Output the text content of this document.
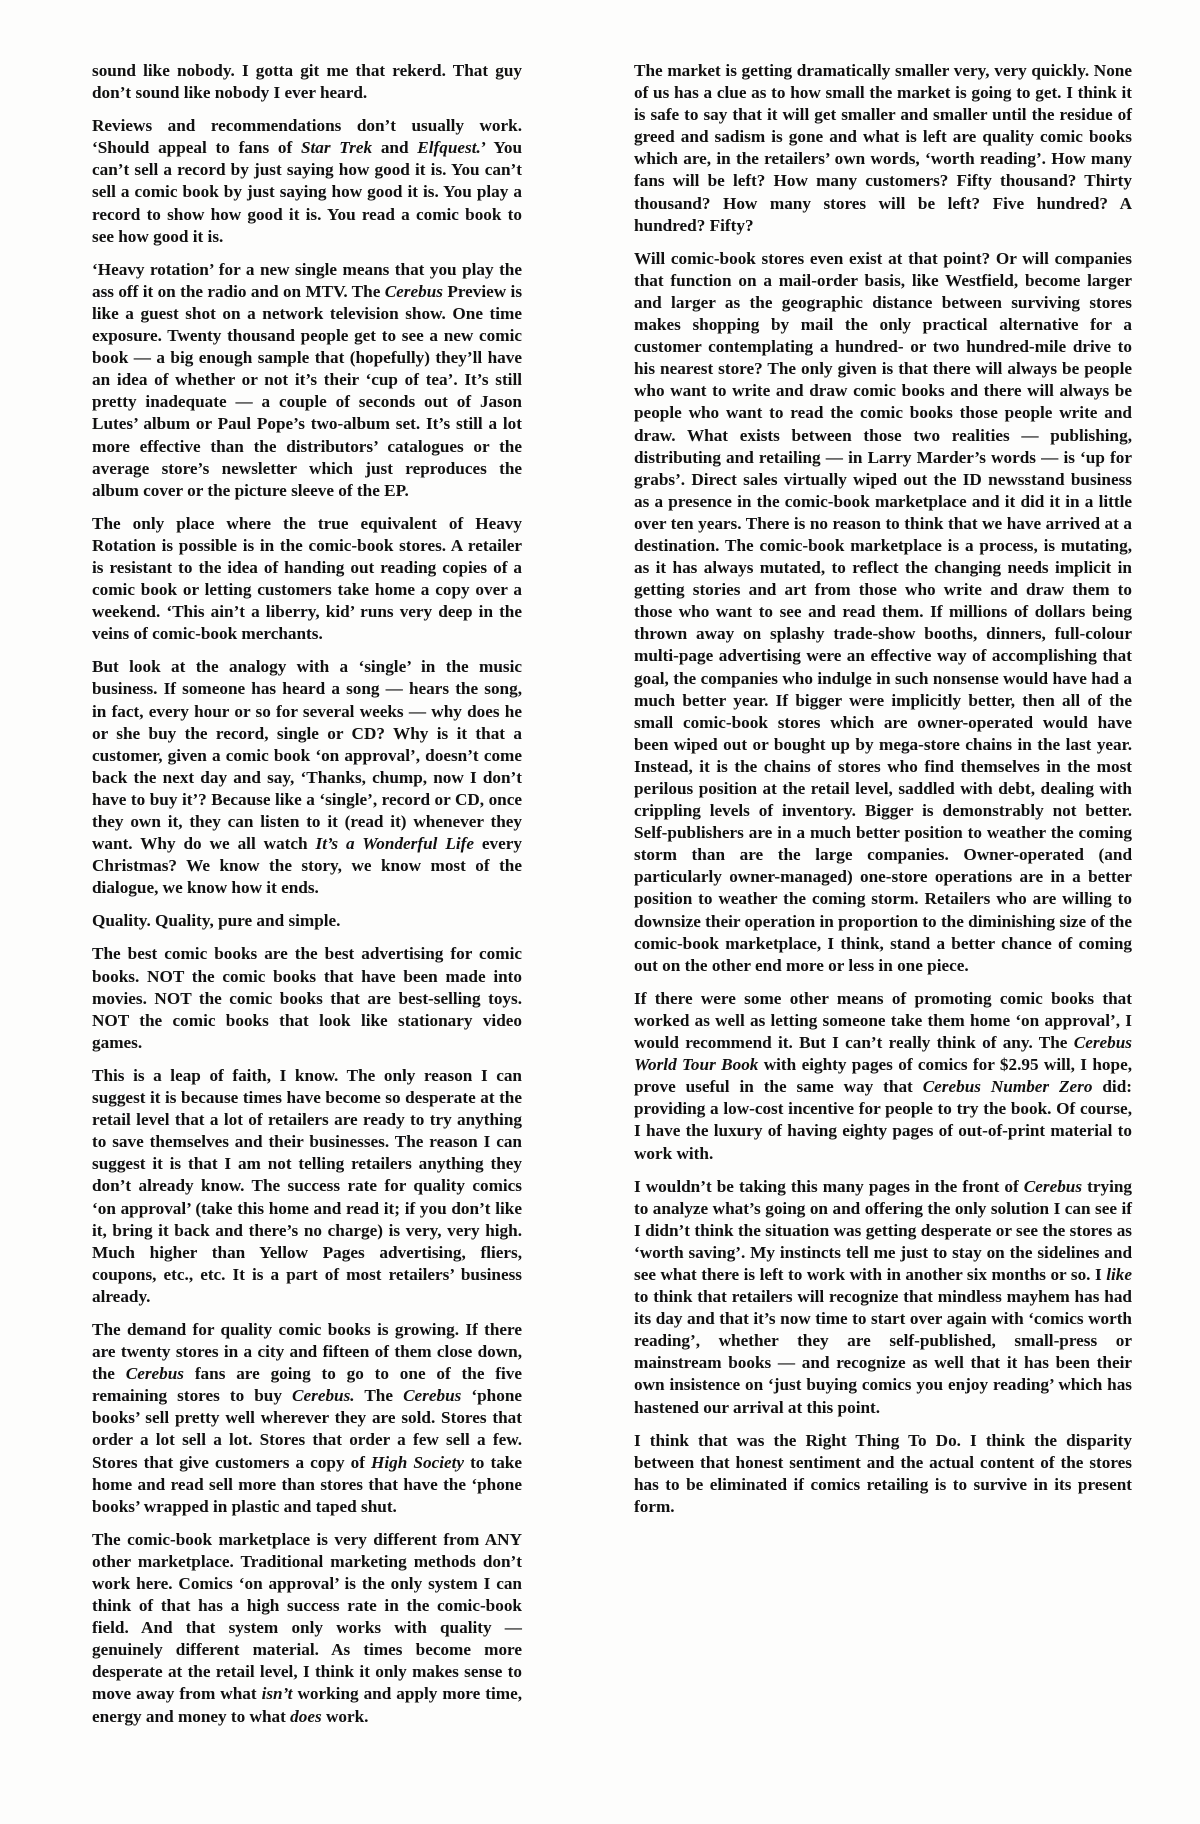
sound like nobody. I gotta git me that rekerd. That guy don’t sound like nobody I ever heard.

Reviews and recommendations don’t usually work. ‘Should appeal to fans of Star Trek and Elfquest.’ You can’t sell a record by just saying how good it is. You can’t sell a comic book by just saying how good it is. You play a record to show how good it is. You read a comic book to see how good it is.

‘Heavy rotation’ for a new single means that you play the ass off it on the radio and on MTV. The Cerebus Preview is like a guest shot on a network television show. One time exposure. Twenty thousand people get to see a new comic book — a big enough sample that (hopefully) they’ll have an idea of whether or not it’s their ‘cup of tea’. It’s still pretty inadequate — a couple of seconds out of Jason Lutes’ album or Paul Pope’s two-album set. It’s still a lot more effective than the distributors’ catalogues or the average store’s newsletter which just reproduces the album cover or the picture sleeve of the EP.

The only place where the true equivalent of Heavy Rotation is possible is in the comic-book stores. A retailer is resistant to the idea of handing out reading copies of a comic book or letting customers take home a copy over a weekend. ‘This ain’t a liberry, kid’ runs very deep in the veins of comic-book merchants.

But look at the analogy with a ‘single’ in the music business. If someone has heard a song — hears the song, in fact, every hour or so for several weeks — why does he or she buy the record, single or CD? Why is it that a customer, given a comic book ‘on approval’, doesn’t come back the next day and say, ‘Thanks, chump, now I don’t have to buy it’? Because like a ‘single’, record or CD, once they own it, they can listen to it (read it) whenever they want. Why do we all watch It’s a Wonderful Life every Christmas? We know the story, we know most of the dialogue, we know how it ends.

Quality. Quality, pure and simple.

The best comic books are the best advertising for comic books. NOT the comic books that have been made into movies. NOT the comic books that are best-selling toys. NOT the comic books that look like stationary video games.

This is a leap of faith, I know. The only reason I can suggest it is because times have become so desperate at the retail level that a lot of retailers are ready to try anything to save themselves and their businesses. The reason I can suggest it is that I am not telling retailers anything they don’t already know. The success rate for quality comics ‘on approval’ (take this home and read it; if you don’t like it, bring it back and there’s no charge) is very, very high. Much higher than Yellow Pages advertising, fliers, coupons, etc., etc. It is a part of most retailers’ business already.

The demand for quality comic books is growing. If there are twenty stores in a city and fifteen of them close down, the Cerebus fans are going to go to one of the five remaining stores to buy Cerebus. The Cerebus ‘phone books’ sell pretty well wherever they are sold. Stores that order a lot sell a lot. Stores that order a few sell a few. Stores that give customers a copy of High Society to take home and read sell more than stores that have the ‘phone books’ wrapped in plastic and taped shut.

The comic-book marketplace is very different from ANY other marketplace. Traditional marketing methods don’t work here. Comics ‘on approval’ is the only system I can think of that has a high success rate in the comic-book field. And that system only works with quality — genuinely different material. As times become more desperate at the retail level, I think it only makes sense to move away from what isn’t working and apply more time, energy and money to what does work.

The market is getting dramatically smaller very, very quickly. None of us has a clue as to how small the market is going to get. I think it is safe to say that it will get smaller and smaller until the residue of greed and sadism is gone and what is left are quality comic books which are, in the retailers’ own words, ‘worth reading’. How many fans will be left? How many customers? Fifty thousand? Thirty thousand? How many stores will be left? Five hundred? A hundred? Fifty?

Will comic-book stores even exist at that point? Or will companies that function on a mail-order basis, like Westfield, become larger and larger as the geographic distance between surviving stores makes shopping by mail the only practical alternative for a customer contemplating a hundred- or two hundred-mile drive to his nearest store? The only given is that there will always be people who want to write and draw comic books and there will always be people who want to read the comic books those people write and draw. What exists between those two realities — publishing, distributing and retailing — in Larry Marder’s words — is ‘up for grabs’. Direct sales virtually wiped out the ID newsstand business as a presence in the comic-book marketplace and it did it in a little over ten years. There is no reason to think that we have arrived at a destination. The comic-book marketplace is a process, is mutating, as it has always mutated, to reflect the changing needs implicit in getting stories and art from those who write and draw them to those who want to see and read them. If millions of dollars being thrown away on splashy trade-show booths, dinners, full-colour multi-page advertising were an effective way of accomplishing that goal, the companies who indulge in such nonsense would have had a much better year. If bigger were implicitly better, then all of the small comic-book stores which are owner-operated would have been wiped out or bought up by mega-store chains in the last year. Instead, it is the chains of stores who find themselves in the most perilous position at the retail level, saddled with debt, dealing with crippling levels of inventory. Bigger is demonstrably not better. Self-publishers are in a much better position to weather the coming storm than are the large companies. Owner-operated (and particularly owner-managed) one-store operations are in a better position to weather the coming storm. Retailers who are willing to downsize their operation in proportion to the diminishing size of the comic-book marketplace, I think, stand a better chance of coming out on the other end more or less in one piece.

If there were some other means of promoting comic books that worked as well as letting someone take them home ‘on approval’, I would recommend it. But I can’t really think of any. The Cerebus World Tour Book with eighty pages of comics for $2.95 will, I hope, prove useful in the same way that Cerebus Number Zero did: providing a low-cost incentive for people to try the book. Of course, I have the luxury of having eighty pages of out-of-print material to work with.

I wouldn’t be taking this many pages in the front of Cerebus trying to analyze what’s going on and offering the only solution I can see if I didn’t think the situation was getting desperate or see the stores as ‘worth saving’. My instincts tell me just to stay on the sidelines and see what there is left to work with in another six months or so. I like to think that retailers will recognize that mindless mayhem has had its day and that it’s now time to start over again with ‘comics worth reading’, whether they are self-published, small-press or mainstream books — and recognize as well that it has been their own insistence on ‘just buying comics you enjoy reading’ which has hastened our arrival at this point.

I think that was the Right Thing To Do. I think the disparity between that honest sentiment and the actual content of the stores has to be eliminated if comics retailing is to survive in its present form.
